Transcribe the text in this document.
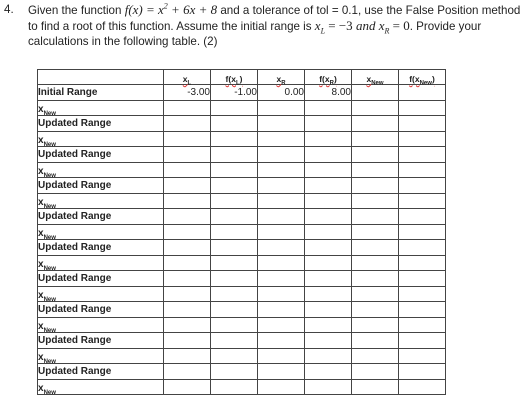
4. Given the function $f(x) = x^2 + 6x + 8$ and a tolerance of tol = 0.1, use the False Position method
to find a root of this function. Assume the initial range is $x_L = -3$ and $x_R = 0$. Provide your
calculations in the following table. (2)
	$x_L$	$f(x_L)$	$x_R$	$f(x_R)$	$x_{New}$	$f(x_{New})$
Initial Range	-3.00	-1.00	0.00	8.00		
$x_{New}$						
Updated Range						
$x_{New}$						
Updated Range						
$x_{New}$						
Updated Range						
$x_{New}$						
Updated Range						
$x_{New}$						
Updated Range						
$x_{New}$						
Updated Range						
$x_{New}$						
Updated Range						
$x_{New}$						
Updated Range						
$x_{New}$						
Updated Range						
$x_{New}$						
